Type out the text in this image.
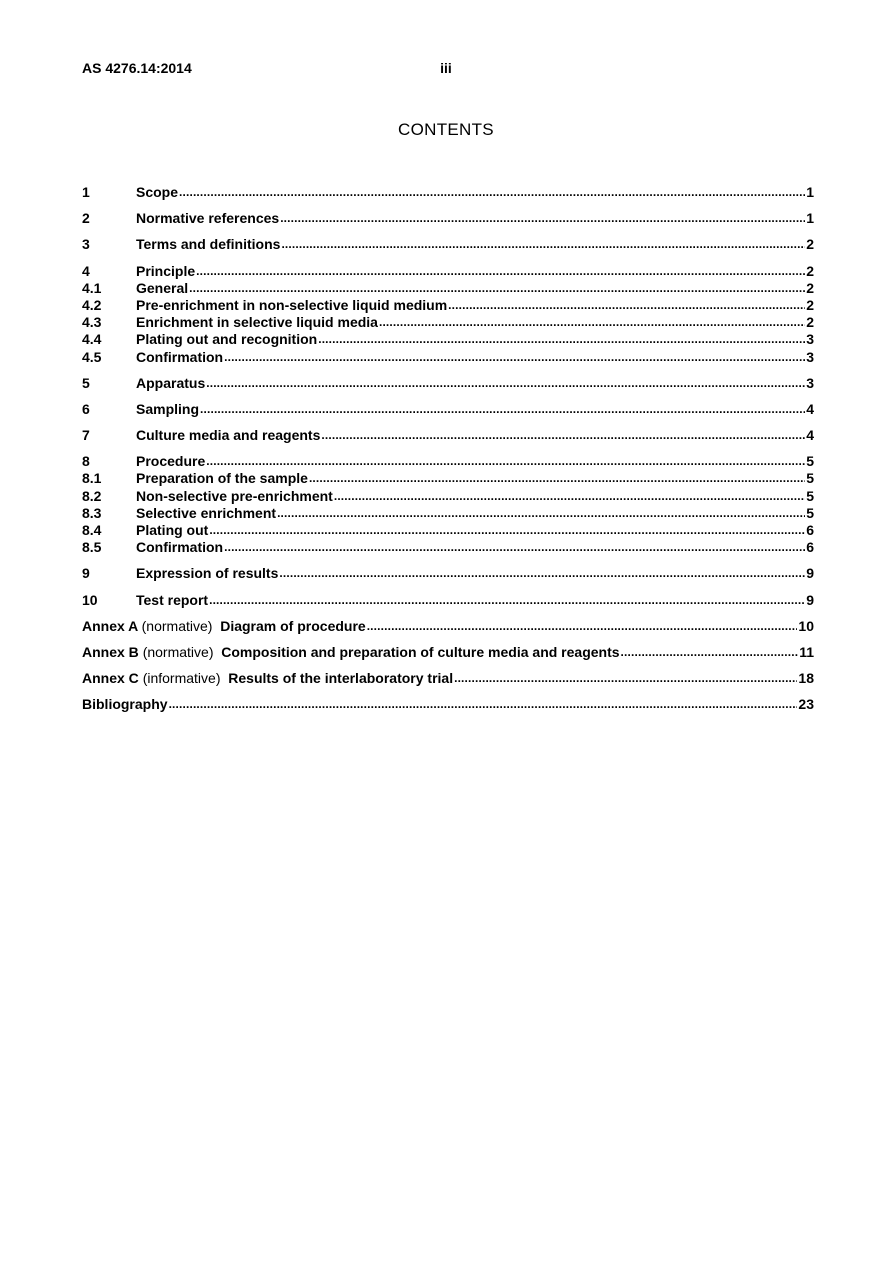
AS 4276.14:2014	iii
CONTENTS
1	Scope .....	1
2	Normative references .....	1
3	Terms and definitions .....	2
4	Principle .....	2
4.1	General .....	2
4.2	Pre-enrichment in non-selective liquid medium .....	2
4.3	Enrichment in selective liquid media .....	2
4.4	Plating out and recognition .....	3
4.5	Confirmation .....	3
5	Apparatus .....	3
6	Sampling .....	4
7	Culture media and reagents .....	4
8	Procedure .....	5
8.1	Preparation of the sample .....	5
8.2	Non-selective pre-enrichment .....	5
8.3	Selective enrichment .....	5
8.4	Plating out .....	6
8.5	Confirmation .....	6
9	Expression of results .....	9
10	Test report .....	9
Annex A (normative) Diagram of procedure .....	10
Annex B (normative) Composition and preparation of culture media and reagents .....	11
Annex C (informative) Results of the interlaboratory trial .....	18
Bibliography .....	23
